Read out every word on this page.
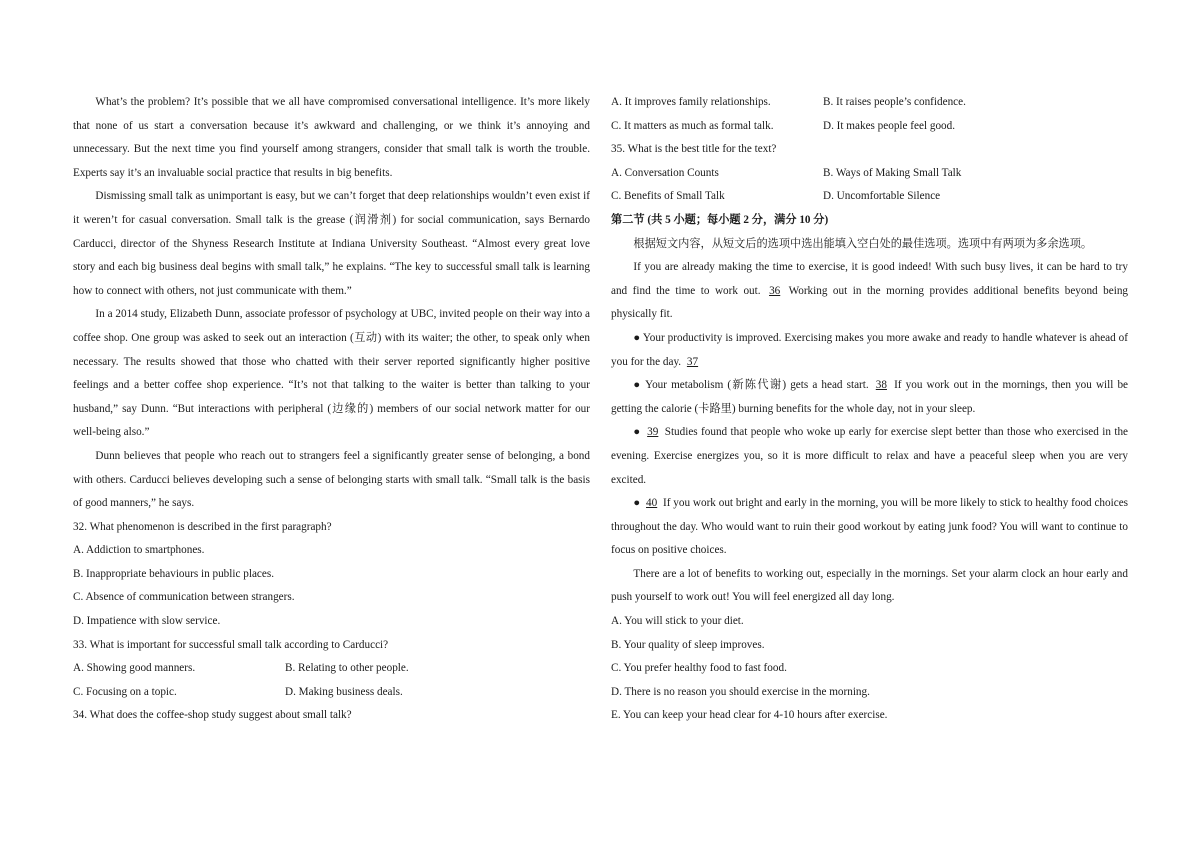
What’s the problem? It’s possible that we all have compromised conversational intelligence. It’s more likely that none of us start a conversation because it’s awkward and challenging, or we think it’s annoying and unnecessary. But the next time you find yourself among strangers, consider that small talk is worth the trouble. Experts say it’s an invaluable social practice that results in big benefits.
Dismissing small talk as unimportant is easy, but we can’t forget that deep relationships wouldn’t even exist if it weren’t for casual conversation. Small talk is the grease (润滑剂) for social communication, says Bernardo Carducci, director of the Shyness Research Institute at Indiana University Southeast. “Almost every great love story and each big business deal begins with small talk,” he explains. “The key to successful small talk is learning how to connect with others, not just communicate with them.”
In a 2014 study, Elizabeth Dunn, associate professor of psychology at UBC, invited people on their way into a coffee shop. One group was asked to seek out an interaction (互动) with its waiter; the other, to speak only when necessary. The results showed that those who chatted with their server reported significantly higher positive feelings and a better coffee shop experience. “It’s not that talking to the waiter is better than talking to your husband,” say Dunn. “But interactions with peripheral (边缘的) members of our social network matter for our well-being also.”
Dunn believes that people who reach out to strangers feel a significantly greater sense of belonging, a bond with others. Carducci believes developing such a sense of belonging starts with small talk. “Small talk is the basis of good manners,” he says.
32. What phenomenon is described in the first paragraph?
A. Addiction to smartphones.
B. Inappropriate behaviours in public places.
C. Absence of communication between strangers.
D. Impatience with slow service.
33. What is important for successful small talk according to Carducci?
A. Showing good manners.	B. Relating to other people.
C. Focusing on a topic.	D. Making business deals.
34. What does the coffee-shop study suggest about small talk?
A. It improves family relationships.	B. It raises people’s confidence.
C. It matters as much as formal talk.	D. It makes people feel good.
35. What is the best title for the text?
A. Conversation Counts	B. Ways of Making Small Talk
C. Benefits of Small Talk	D. Uncomfortable Silence
第二节 (共 5 小题；每小题 2 分，满分 10 分)
根据短文内容，从短文后的选项中选出能填入空白处的最佳选项。选项中有两项为多余选项。
If you are already making the time to exercise, it is good indeed! With such busy lives, it can be hard to try and find the time to work out. 36 Working out in the morning provides additional benefits beyond being physically fit.
● Your productivity is improved. Exercising makes you more awake and ready to handle whatever is ahead of you for the day. 37
● Your metabolism (新陈代谢) gets a head start. 38 If you work out in the mornings, then you will be getting the calorie (卡路里) burning benefits for the whole day, not in your sleep.
● 39 Studies found that people who woke up early for exercise slept better than those who exercised in the evening. Exercise energizes you, so it is more difficult to relax and have a peaceful sleep when you are very excited.
● 40 If you work out bright and early in the morning, you will be more likely to stick to healthy food choices throughout the day. Who would want to ruin their good workout by eating junk food? You will want to continue to focus on positive choices.
There are a lot of benefits to working out, especially in the mornings. Set your alarm clock an hour early and push yourself to work out! You will feel energized all day long.
A. You will stick to your diet.
B. Your quality of sleep improves.
C. You prefer healthy food to fast food.
D. There is no reason you should exercise in the morning.
E. You can keep your head clear for 4-10 hours after exercise.
